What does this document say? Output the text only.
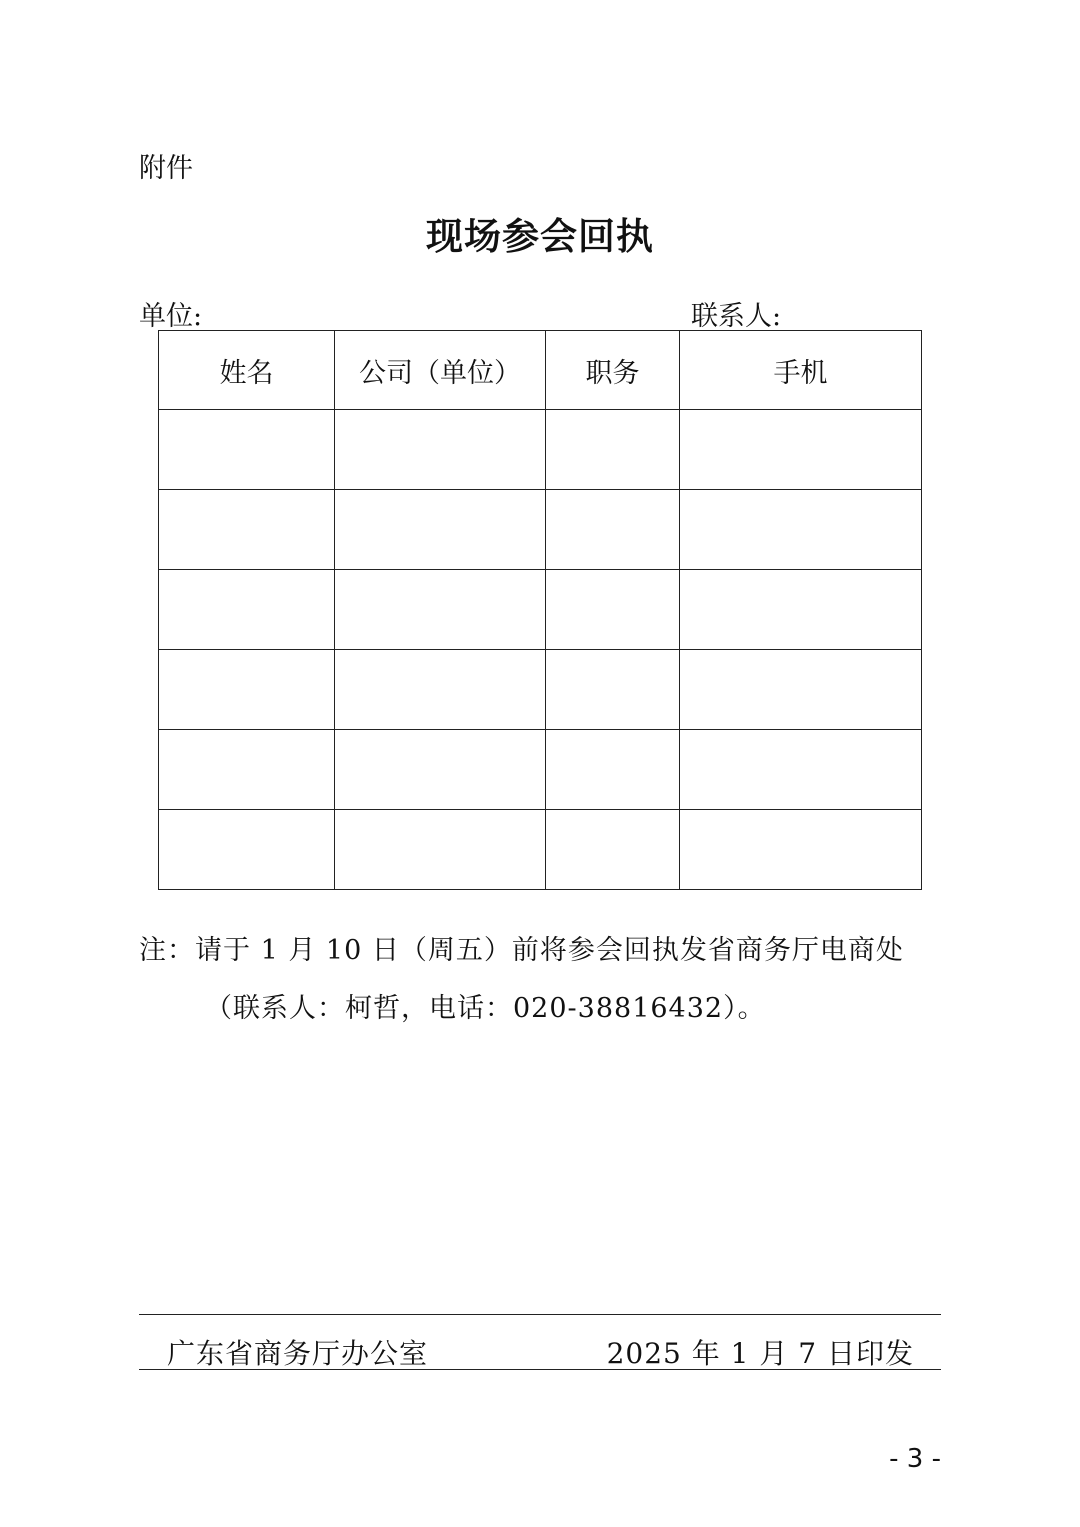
附件
现场参会回执
单位:	联系人:
姓名	公司（单位）	职务	手机

注：请于 1 月 10 日（周五）前将参会回执发省商务厅电商处
（联系人：柯哲，电话：020-38816432）。
广东省商务厅办公室	2025 年 1 月 7 日印发
- 3 -
